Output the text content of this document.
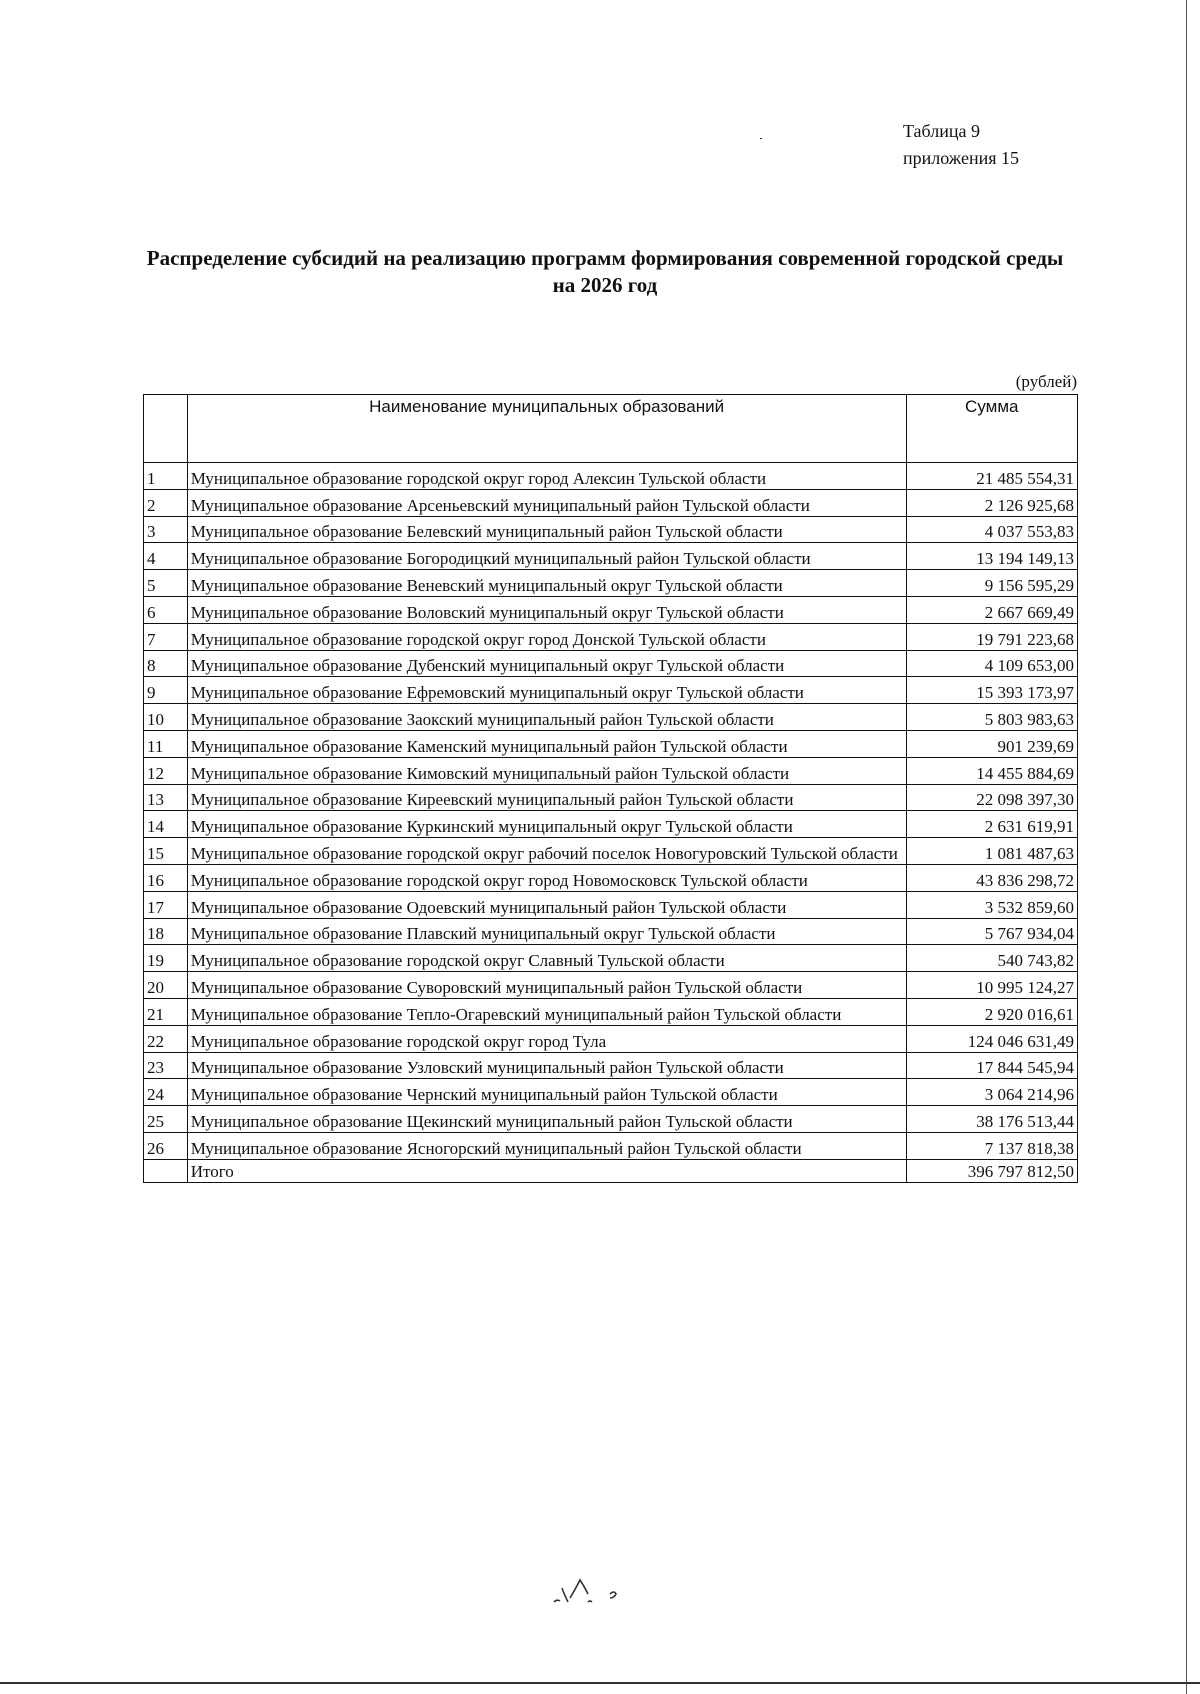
Таблица 9
приложения 15
Распределение субсидий на реализацию программ формирования современной городской среды
на 2026 год
(рублей)
	Наименование муниципальных образований	Сумма
1	Муниципальное образование городской округ город Алексин Тульской области	21 485 554,31
2	Муниципальное образование Арсеньевский муниципальный район Тульской области	2 126 925,68
3	Муниципальное образование Белевский муниципальный район Тульской области	4 037 553,83
4	Муниципальное образование Богородицкий муниципальный район Тульской области	13 194 149,13
5	Муниципальное образование Веневский муниципальный округ Тульской области	9 156 595,29
6	Муниципальное образование Воловский муниципальный округ Тульской области	2 667 669,49
7	Муниципальное образование городской округ город Донской Тульской области	19 791 223,68
8	Муниципальное образование Дубенский муниципальный округ Тульской области	4 109 653,00
9	Муниципальное образование Ефремовский муниципальный округ Тульской области	15 393 173,97
10	Муниципальное образование Заокский муниципальный район Тульской области	5 803 983,63
11	Муниципальное образование Каменский муниципальный район Тульской области	901 239,69
12	Муниципальное образование Кимовский муниципальный район Тульской области	14 455 884,69
13	Муниципальное образование Киреевский муниципальный район Тульской области	22 098 397,30
14	Муниципальное образование Куркинский муниципальный округ Тульской области	2 631 619,91
15	Муниципальное образование городской округ рабочий поселок Новогуровский Тульской области	1 081 487,63
16	Муниципальное образование городской округ город Новомосковск Тульской области	43 836 298,72
17	Муниципальное образование Одоевский муниципальный район Тульской области	3 532 859,60
18	Муниципальное образование Плавский муниципальный округ Тульской области	5 767 934,04
19	Муниципальное образование городской округ Славный Тульской области	540 743,82
20	Муниципальное образование Суворовский муниципальный район Тульской области	10 995 124,27
21	Муниципальное образование Тепло-Огаревский муниципальный район Тульской области	2 920 016,61
22	Муниципальное образование городской округ город Тула	124 046 631,49
23	Муниципальное образование Узловский муниципальный район Тульской области	17 844 545,94
24	Муниципальное образование Чернский муниципальный район Тульской области	3 064 214,96
25	Муниципальное образование Щекинский муниципальный район Тульской области	38 176 513,44
26	Муниципальное образование Ясногорский муниципальный район Тульской области	7 137 818,38
	Итого	396 797 812,50
